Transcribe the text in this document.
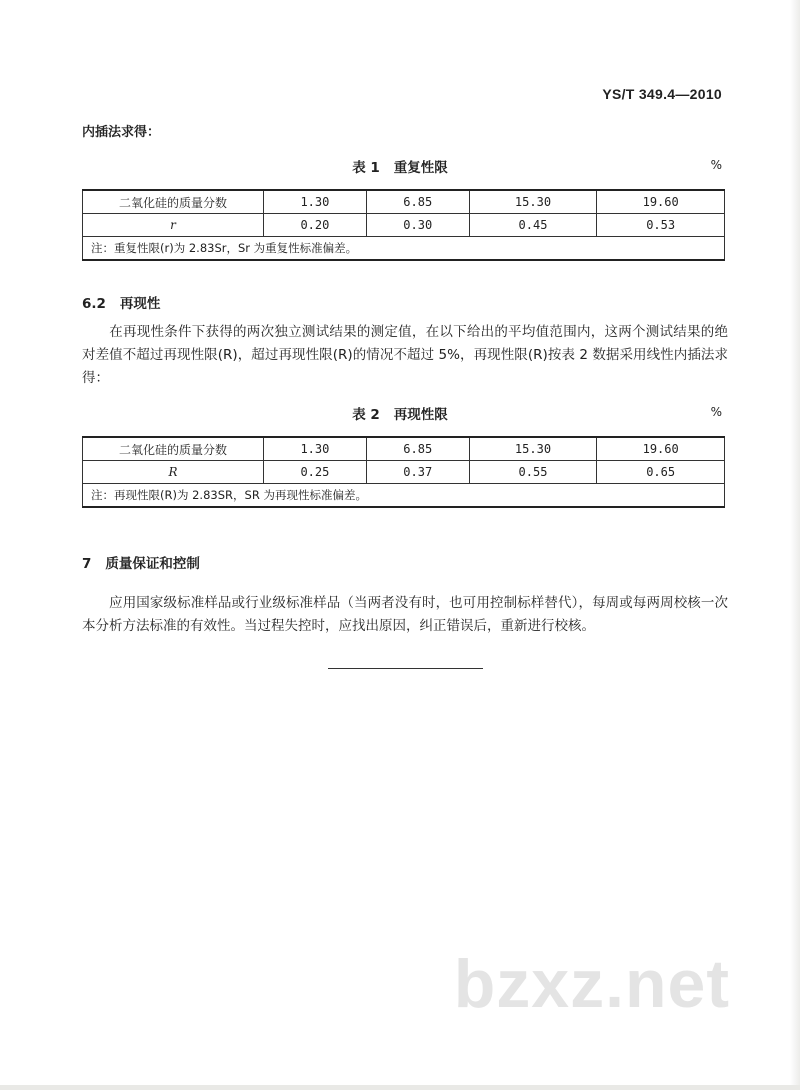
YS/T 349.4—2010
内插法求得：
表 1 重复性限	%
二氧化硅的质量分数	1.30	6.85	15.30	19.60
r	0.20	0.30	0.45	0.53
注：重复性限(r)为 2.83Sr，Sr 为重复性标准偏差。				
6.2 再现性
在再现性条件下获得的两次独立测试结果的测定值，在以下给出的平均值范围内，这两个测试结果的绝对差值不超过再现性限(R)，超过再现性限(R)的情况不超过 5%，再现性限(R)按表 2 数据采用线性内插法求得：
表 2 再现性限	%
二氧化硅的质量分数	1.30	6.85	15.30	19.60
R	0.25	0.37	0.55	0.65
注：再现性限(R)为 2.83SR，SR 为再现性标准偏差。				
7 质量保证和控制
应用国家级标准样品或行业级标准样品（当两者没有时，也可用控制标样替代），每周或每两周校核一次本分析方法标准的有效性。当过程失控时，应找出原因，纠正错误后，重新进行校核。
bzxz.net
